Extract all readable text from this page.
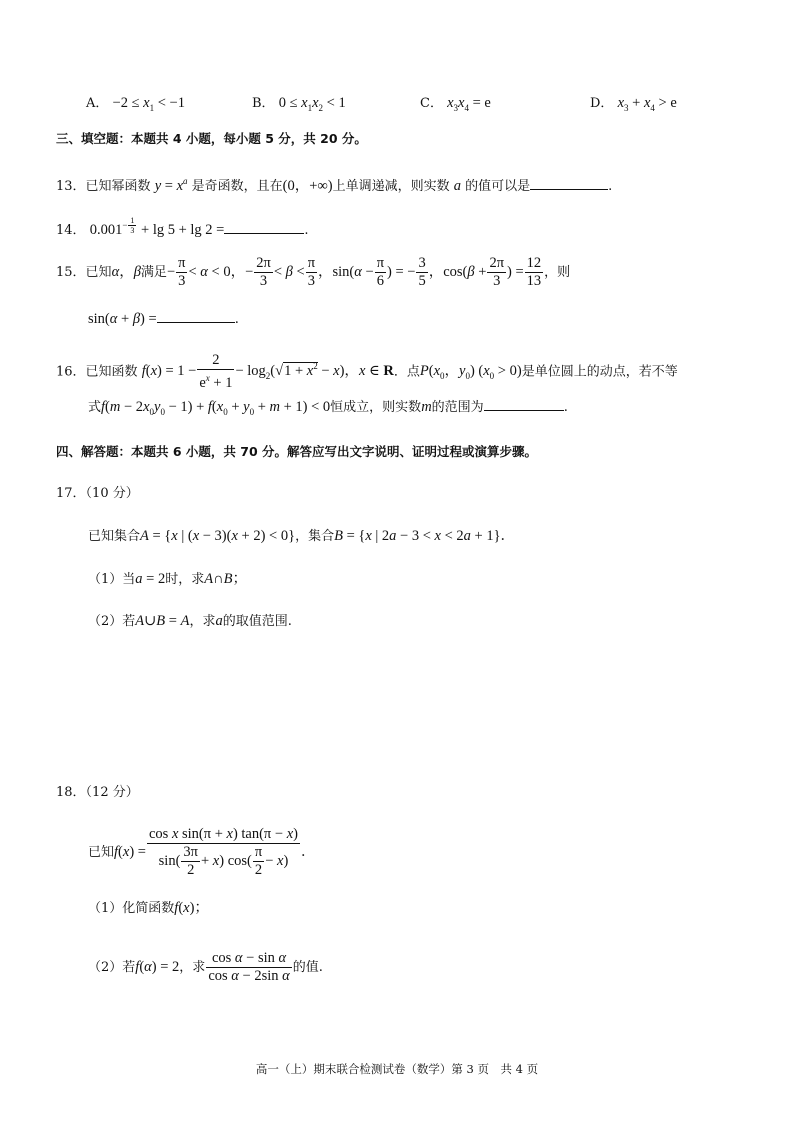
A． $-2 \le x_1 < -1$	B． $0 \le x_1x_2 < 1$	C． $x_3x_4 = e$	D． $x_3 + x_4 > e$
三、填空题：本题共 4 小题，每小题 5 分，共 20 分。
13．已知幂函数 $y = x^a$ 是奇函数，且在(0，+∞)上单调递减，则实数 a 的值可以是	.
14． $0.001^{- \frac{1}{3}} + \lg 5 + \lg 2$ =	.
15．已知α，β满足− $\frac{\pi}{3} < \alpha < 0$，− $\frac{2\pi}{3} < \beta < \frac{\pi}{3}$ ，$\sin(\alpha - \frac{\pi}{6}$ ) = − $\frac{3}{5}$ ，$\cos(\beta + \frac{2\pi}{3}$ ) = $\frac{12}{13}$ ，则
sin(α + β) =	.
16．已知函数 $f(x) = 1 - \frac{2}{e^x + 1} - \log_2(√1 + x^2 - x)$，x ∈ R．点$P(x_0$，$y_0$) $(x_0 > 0)$是单位圆上的动点，若不等
式$f(m - 2x_0y_0 - 1) + f(x_0 + y_0 + m + 1) < 0$恒成立，则实数m的范围为	.
四、解答题：本题共 6 小题，共 70 分。解答应写出文字说明、证明过程或演算步骤。
17．（10 分）
已知集合A = {x | (x − 3)(x + 2) < 0}，集合B = {x | 2a − 3 < x < 2a + 1}．
（1）当a = 2时，求A∩B；
（2）若A∪B = A，求a的取值范围.
18．（12 分）
已知$f(x) = \frac{\text{cos x sin(π + x) tan(π − x)}}{\sin( \frac{3\pi}{2} + x) \cos( \frac{\pi}{2} - x)}$ ．
（1）化简函数f(x)；
（2）若f(α) = 2，求 $\frac{\text{cos α − sin α}}{\text{cos α − 2sin α}}$ 的值.
高一（上）期末联合检测试卷（数学）第 3 页　共 4 页
